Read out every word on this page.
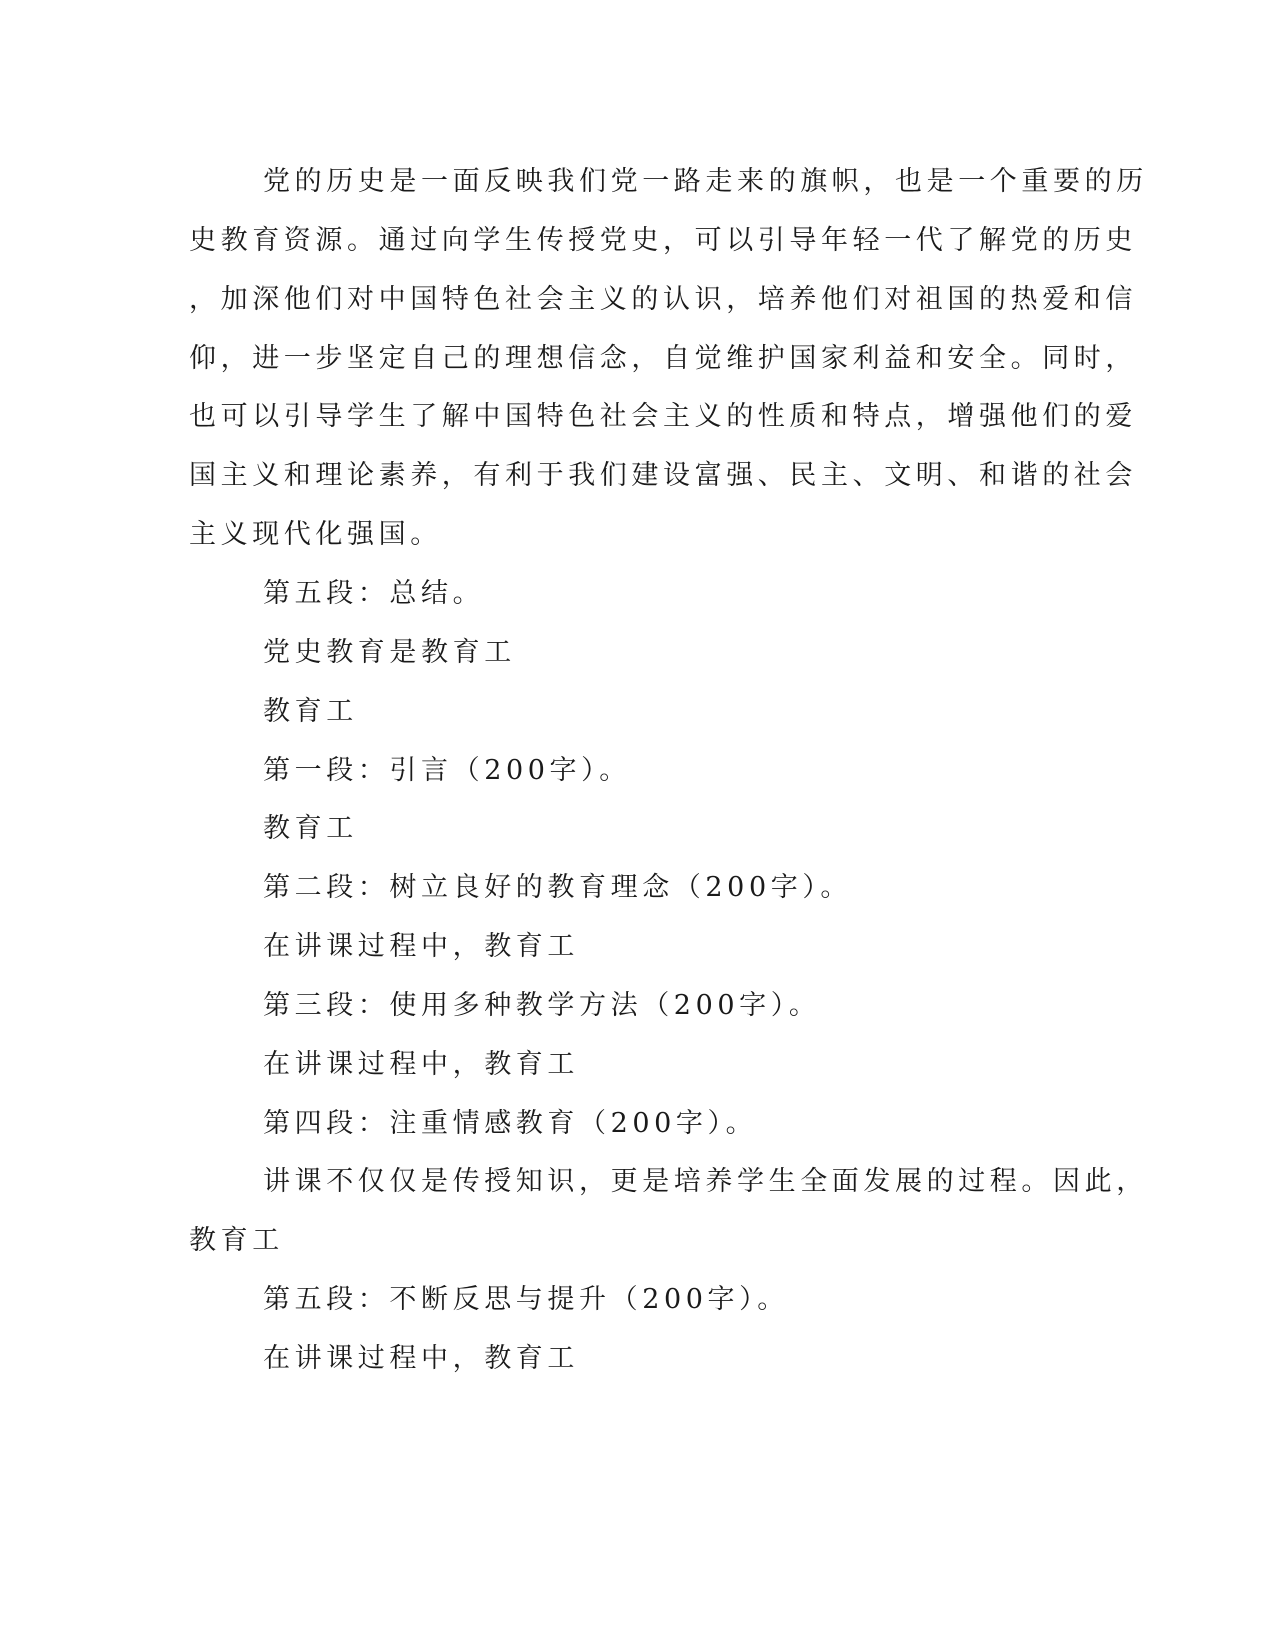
党的历史是一面反映我们党一路走来的旗帜，也是一个重要的历
史教育资源。通过向学生传授党史，可以引导年轻一代了解党的历史
，加深他们对中国特色社会主义的认识，培养他们对祖国的热爱和信
仰，进一步坚定自己的理想信念，自觉维护国家利益和安全。同时，
也可以引导学生了解中国特色社会主义的性质和特点，增强他们的爱
国主义和理论素养，有利于我们建设富强、民主、文明、和谐的社会
主义现代化强国。
第五段：总结。
党史教育是教育工
教育工
第一段：引言（200字）。
教育工
第二段：树立良好的教育理念（200字）。
在讲课过程中，教育工
第三段：使用多种教学方法（200字）。
在讲课过程中，教育工
第四段：注重情感教育（200字）。
讲课不仅仅是传授知识，更是培养学生全面发展的过程。因此，
教育工
第五段：不断反思与提升（200字）。
在讲课过程中，教育工
